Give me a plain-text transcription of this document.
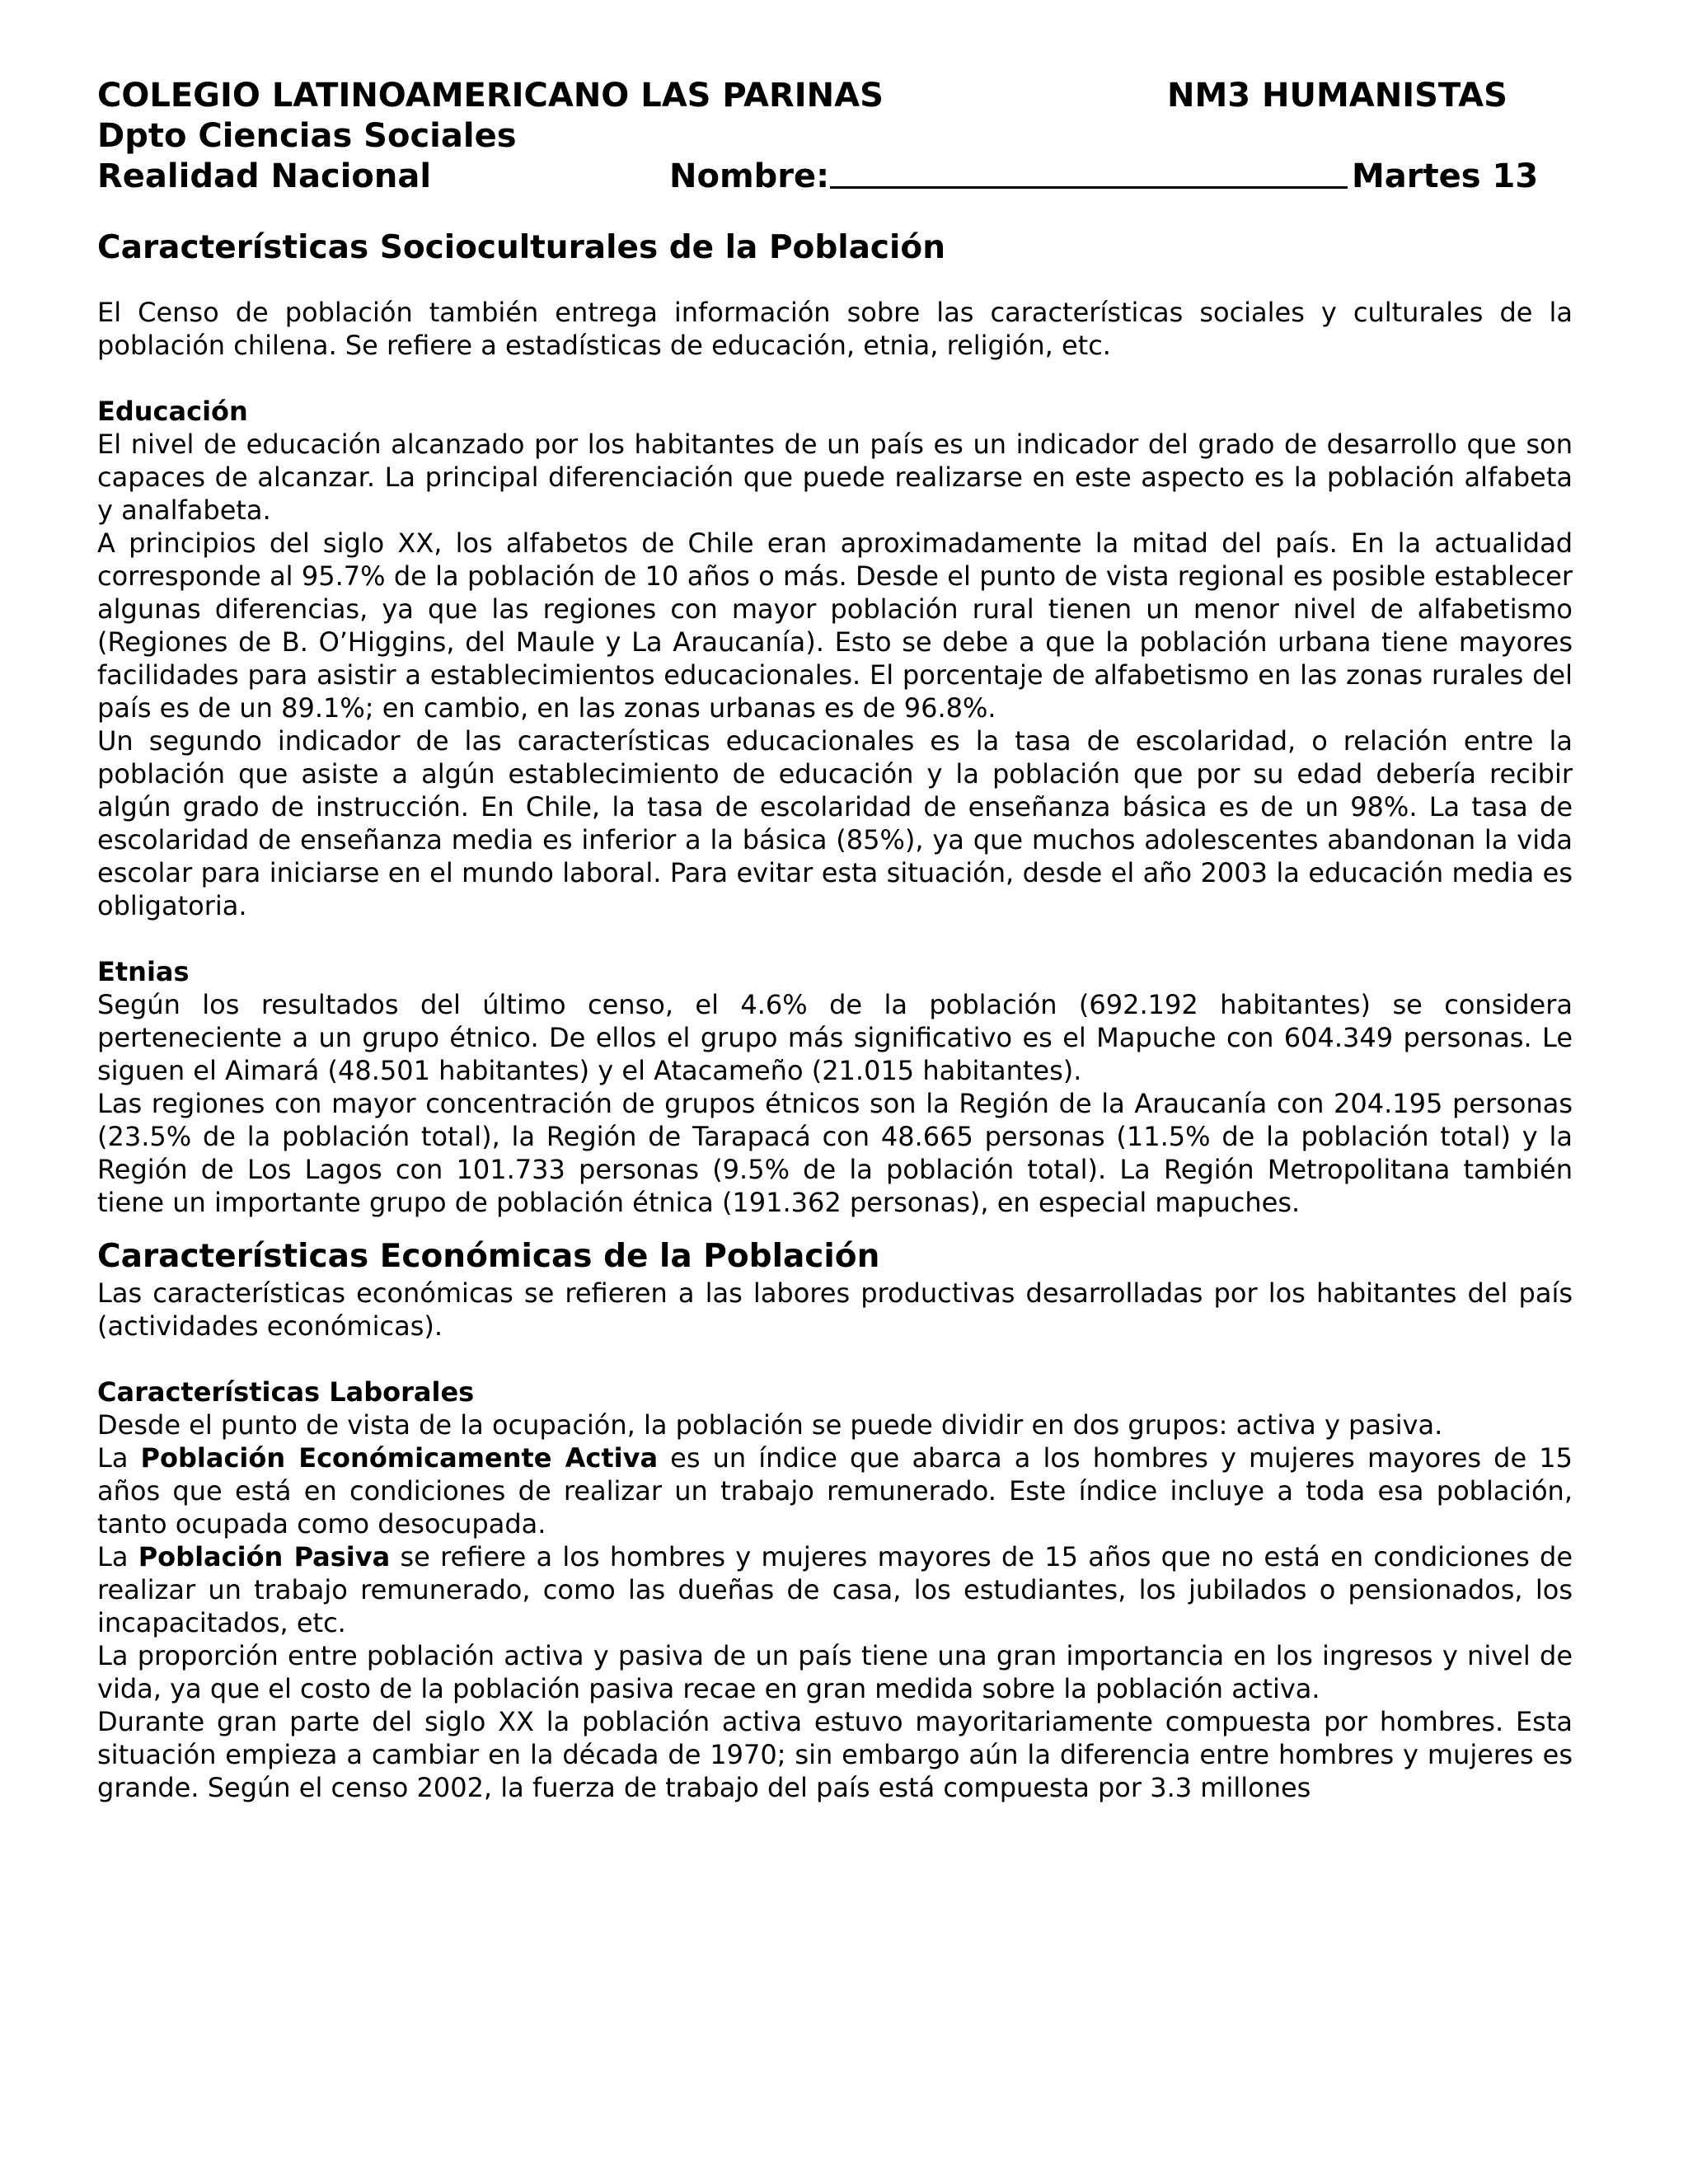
COLEGIO LATINOAMERICANO LAS PARINAS	NM3 HUMANISTAS
Dpto Ciencias Sociales
Realidad Nacional	Nombre:	Martes 13
Características Socioculturales de la Población

El Censo de población también entrega información sobre las características sociales y culturales de la población chilena. Se refiere a estadísticas de educación, etnia, religión, etc.

Educación

El nivel de educación alcanzado por los habitantes de un país es un indicador del grado de desarrollo que son capaces de alcanzar. La principal diferenciación que puede realizarse en este aspecto es la población alfabeta y analfabeta.

A principios del siglo XX, los alfabetos de Chile eran aproximadamente la mitad del país. En la actualidad corresponde al 95.7% de la población de 10 años o más. Desde el punto de vista regional es posible establecer algunas diferencias, ya que las regiones con mayor población rural tienen un menor nivel de alfabetismo (Regiones de B. O’Higgins, del Maule y La Araucanía). Esto se debe a que la población urbana tiene mayores facilidades para asistir a establecimientos educacionales. El porcentaje de alfabetismo en las zonas rurales del país es de un 89.1%; en cambio, en las zonas urbanas es de 96.8%.

Un segundo indicador de las características educacionales es la tasa de escolaridad, o relación entre la población que asiste a algún establecimiento de educación y la población que por su edad debería recibir algún grado de instrucción. En Chile, la tasa de escolaridad de enseñanza básica es de un 98%. La tasa de escolaridad de enseñanza media es inferior a la básica (85%), ya que muchos adolescentes abandonan la vida escolar para iniciarse en el mundo laboral. Para evitar esta situación, desde el año 2003 la educación media es obligatoria.

Etnias

Según los resultados del último censo, el 4.6% de la población (692.192 habitantes) se considera perteneciente a un grupo étnico. De ellos el grupo más significativo es el Mapuche con 604.349 personas. Le siguen el Aimará (48.501 habitantes) y el Atacameño (21.015 habitantes).

Las regiones con mayor concentración de grupos étnicos son la Región de la Araucanía con 204.195 personas (23.5% de la población total), la Región de Tarapacá con 48.665 personas (11.5% de la población total) y la Región de Los Lagos con 101.733 personas (9.5% de la población total). La Región Metropolitana también tiene un importante grupo de población étnica (191.362 personas), en especial mapuches.

Características Económicas de la Población

Las características económicas se refieren a las labores productivas desarrolladas por los habitantes del país (actividades económicas).

Características Laborales

Desde el punto de vista de la ocupación, la población se puede dividir en dos grupos: activa y pasiva.

La Población Económicamente Activa es un índice que abarca a los hombres y mujeres mayores de 15 años que está en condiciones de realizar un trabajo remunerado. Este índice incluye a toda esa población, tanto ocupada como desocupada.

La Población Pasiva se refiere a los hombres y mujeres mayores de 15 años que no está en condiciones de realizar un trabajo remunerado, como las dueñas de casa, los estudiantes, los jubilados o pensionados, los incapacitados, etc.

La proporción entre población activa y pasiva de un país tiene una gran importancia en los ingresos y nivel de vida, ya que el costo de la población pasiva recae en gran medida sobre la población activa.

Durante gran parte del siglo XX la población activa estuvo mayoritariamente compuesta por hombres. Esta situación empieza a cambiar en la década de 1970; sin embargo aún la diferencia entre hombres y mujeres es grande. Según el censo 2002, la fuerza de trabajo del país está compuesta por 3.3 millones
